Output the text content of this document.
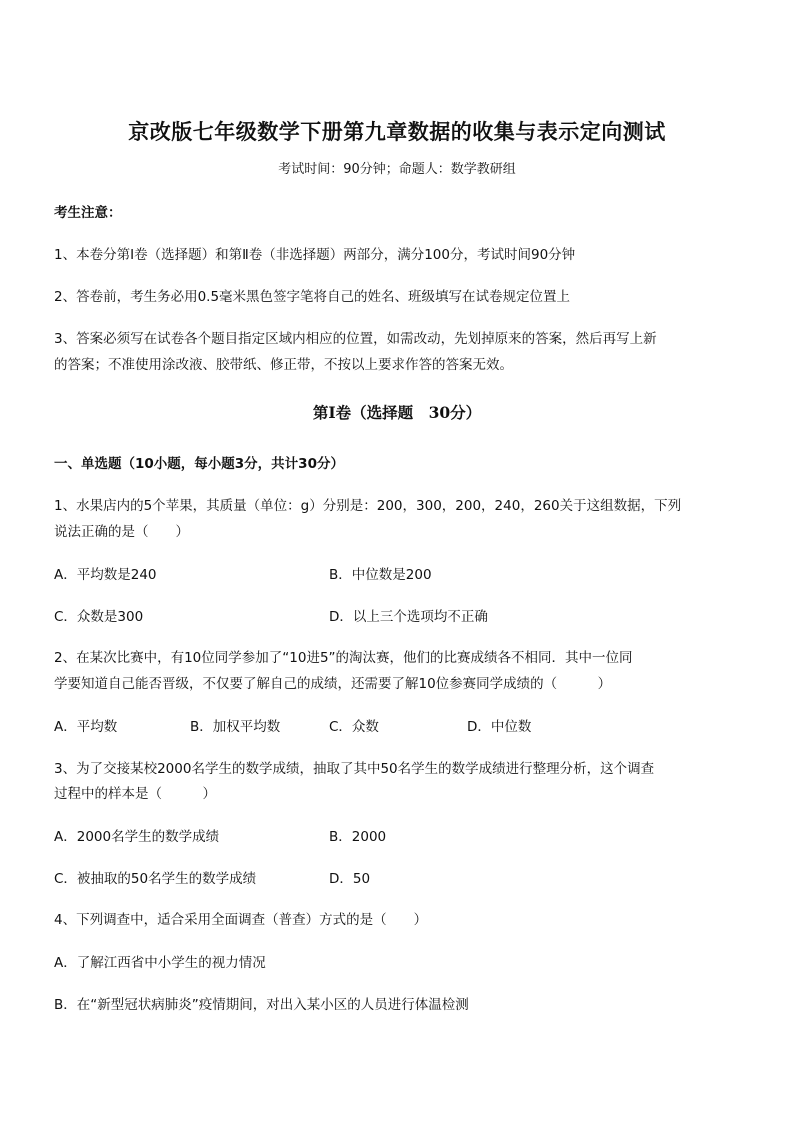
京改版七年级数学下册第九章数据的收集与表示定向测试
考试时间：90分钟；命题人：数学教研组
考生注意：
1、本卷分第Ⅰ卷（选择题）和第Ⅱ卷（非选择题）两部分，满分100分，考试时间90分钟
2、答卷前，考生务必用0.5毫米黑色签字笔将自己的姓名、班级填写在试卷规定位置上
3、答案必须写在试卷各个题目指定区域内相应的位置，如需改动，先划掉原来的答案，然后再写上新
的答案；不准使用涂改液、胶带纸、修正带，不按以上要求作答的答案无效。
第Ⅰ卷（选择题　30分）
一、单选题（10小题，每小题3分，共计30分）
1、水果店内的5个苹果，其质量（单位：g）分别是：200，300，200，240，260关于这组数据，下列
说法正确的是（　　）
A．平均数是240	B．中位数是200
C．众数是300	D．以上三个选项均不正确
2、在某次比赛中，有10位同学参加了“10进5”的淘汰赛，他们的比赛成绩各不相同．其中一位同
学要知道自己能否晋级，不仅要了解自己的成绩，还需要了解10位参赛同学成绩的（　　　）
A．平均数	B．加权平均数	C．众数	D．中位数
3、为了交接某校2000名学生的数学成绩，抽取了其中50名学生的数学成绩进行整理分析，这个调查
过程中的样本是（　　　）
A．2000名学生的数学成绩	B．2000
C．被抽取的50名学生的数学成绩	D．50
4、下列调查中，适合采用全面调查（普查）方式的是（　　）
A．了解江西省中小学生的视力情况
B．在“新型冠状病肺炎”疫情期间，对出入某小区的人员进行体温检测
